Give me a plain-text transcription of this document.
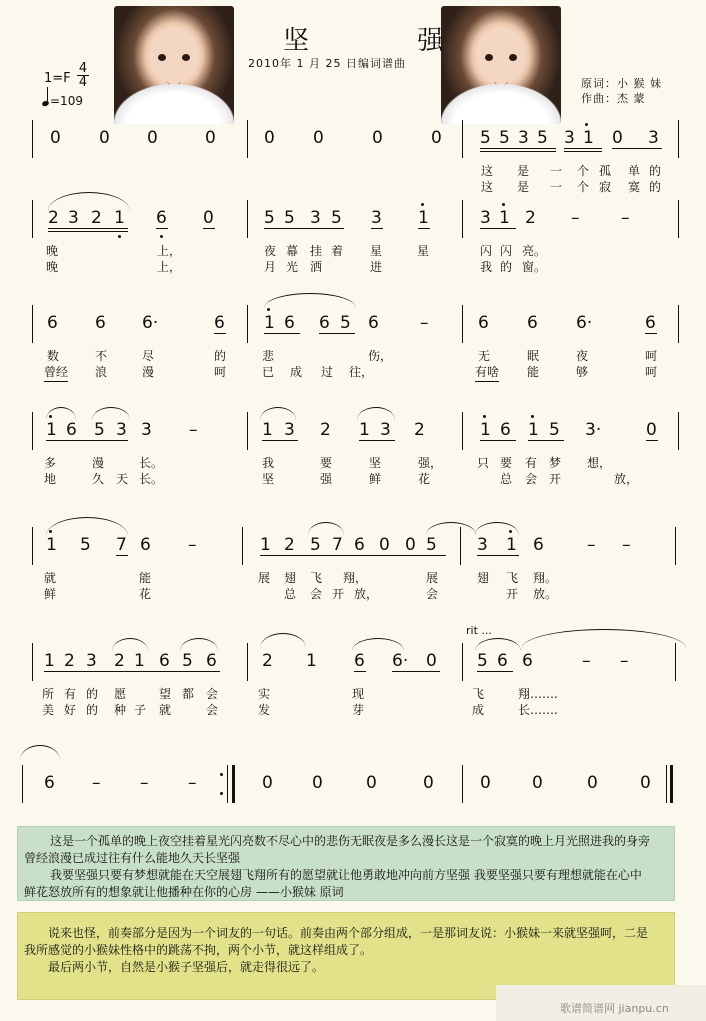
坚 强
2010年 1 月 25 日编词谱曲
1=F
4
4
=109
原词：小 猴 妹
作曲：杰 蒙
0 0 0	0	0 0	0	0 5 5 3 5 3 1 0 3
这 是 一 个 孤 单 的
这 是 一 个 寂 寞 的
2 3 2 1 6 0	5 5 3 5 3 1	3 1 2 – –
晚	上，	夜 幕 挂 着 星	星	闪 闪 亮。
晚	上，	月 光 洒	进	我 的 窗。
6 6 6·	6 1 6 6 5 6 –	6 6 6·	6
数	不	尽	的	悲	伤，	无	眠	夜	呵
曾经 浪	漫	呵	已 成 过 往，	有啥 能	够	呵
1 6 5 3 3 –	1 3 2 1 3 2	1 6 1 5 3·	0
多	漫	长。	我	要	坚	强，	只 要 有 梦 想，
地	久 天 长。	坚	强	鲜	花	总 会 开	放，
1 5 7 6 –	1 2 5 7 6 0 0 5 3 1 6	– –
就	能	展 翅 飞 翔，	展	翅 飞 翔。
鲜	花	总 会 开 放，	会	开 放。
rit ...
1 2 3 2 1 6 5 6	2 1 6 6· 0 5 6 6	– –
所 有 的 愿	望 都 会	实	现	飞	翔…….
美 好 的 种 子 就	会	发	芽	成	长…….
6 – – –	0 0	0	0	0 0	0 0
这是一个孤单的晚上夜空挂着星光闪亮数不尽心中的悲伤无眠夜是多么漫长这是一个寂寞的晚上月光照进我的身旁
曾经浪漫已成过往有什么能地久天长坚强
我要坚强只要有梦想就能在天空展翅飞翔所有的愿望就让他勇敢地冲向前方坚强 我要坚强只要有理想就能在心中
鲜花怒放所有的想象就让他播种在你的心房 ——小猴妹 原词
说来也怪，前奏部分是因为一个词友的一句话。前奏由两个部分组成，一是那词友说：小猴妹一来就坚强呵，二是
我所感觉的小猴妹性格中的跳荡不拘，两个小节，就这样组成了。
最后两小节，自然是小猴子坚强后，就走得很远了。
歌谱简谱网 jianpu.cn
